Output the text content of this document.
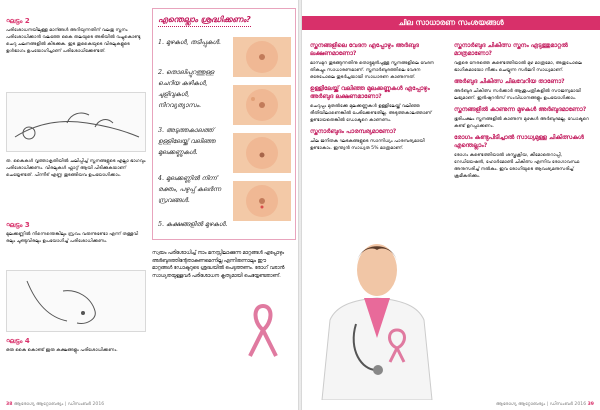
ഘട്ടം 2

പരിശോധനയിലുള്ള മാറ്ങ്ങൾ അറിയുന്നതിന് വലതു സ്തനം പരിശോധിക്കാൻ വലത്തേ കൈ തലയുടെ അടിയിൽ വച്ചുകൊണ്ടു ചെറു ചലനങ്ങളിൽ കിടക്കുക. ഇട തുകൈയുടെ വിരലുകളുടെ ഉൾഭാഗം ഉപയോഗിച്ചാണ് പരിശോധിക്കേണ്ടത്.

ത. കൈകൾ വൃത്താകൃതിയിൽ ചലിപ്പിച്ച് സ്തനങ്ങളുടെ എല്ലാ ഭാഗവും പരിശോധിക്കണം. വിരലുകൾ ഫ്ലാറ്റ് ആയി പിടിക്കുകയാണ് ചെയ്യേണ്ടത്. പിന്നീട് എണ്ണ തുടങ്ങിയവ ഉപയോഗിക്കാം.

ഘട്ടം 3

മുലക്കണ്ണിൽ നിന്നെന്തെങ്കിലും സ്രവം വരുന്നുണ്ടോ എന്ന് തള്ളവി രലും ചൂണ്ടുവിരലും ഉപയോഗിച്ച് പരിശോധിക്കണം.

ഘട്ടം 4

ഒരു കൈ കൊണ്ട് ഇരു കക്ഷങ്ങളും പരിശോധിക്കണം.

എന്തെല്ലാം ശ്രദ്ധിക്കണം?
1. മുഴകൾ, തടിപ്പുകൾ.
2. തൊലിപ്പുറത്തുള്ള ചെറിയ കുഴികൾ, ചുളിവുകൾ, നിറവ്യത്യാസം.
3. അടുത്തകാലത്ത് ഉള്ളിലേയ്ക്ക് വലിഞ്ഞ മുലക്കണ്ണുകൾ.
4. മുലക്കണ്ണിൽ നിന്ന് രക്തം, പഴുപ്പ് കലർന്ന സ്രവങ്ങൾ.
5. കക്ഷങ്ങളിൽ മുഴകൾ.
സ്വയം പരിശോധിച്ച് നാം മനസ്സിലാക്കുന്ന മാറ്റങ്ങൾ എപ്പോഴും അർബുദത്തിന്റേതാകണമെന്നില്ല എന്നിരുന്നാലും ഈ മാറ്റങ്ങൾ ഡോക്ടറുടെ ശ്രദ്ധയിൽ പെടുത്തണം. രോഗ് വരാൻ സാധ്യതയുള്ളവർ പരിശോധന കൃത്യമായി ചെയ്യേണ്ടതാണ്.
38 ആരോഗ്യ ആറ്റോബര്യം | ഡിസംബർ 2016
ചില സാധാരണ സംശയങ്ങൾ
സ്തനങ്ങളിലെ വേദന എപ്പോഴും അർബുദ ലക്ഷണമാണോ?

മാസമുറ തുടങ്ങുന്നതിനു തൊട്ടുമുൻപുള്ള സ്തനങ്ങളിലെ വേദന തികച്ചും സാധാരണമാണ്. സ്തനാർബുദത്തിലെ വേദന ഒരേപോലെ തുടർച്ചയായി സാധാരണ കാണുന്നത്.

ഉള്ളിലേയ്ക്ക് വലിഞ്ഞ മുലക്കണ്ണുകൾ എപ്പോഴും അർബുദ ലക്ഷണമാണോ?

ചെറുപ്പം മുതൽക്കേ മുലക്കണ്ണുകൾ ഉള്ളിലേയ്ക്ക് വലിഞ്ഞ രീതിയിലാണെങ്കിൽ പേടിക്കേണ്ടതില്ല. അടുത്തകാലത്താണ് ഉണ്ടായതെങ്കിൽ ഡോക്ടറെ കാണണം.

സ്തനാർബുദം പാരമ്പര്യമാണോ?

ചില ജനിതക ഘടകങ്ങളുടെ സാന്നിധ്യം പാരമ്പര്യമായി ഉണ്ടാകാം. ഇന്ത്യൻ സാധ്യത 5% മാത്രമാണ്.

സ്തനാർബുദ ചികിത്സ സ്തനം എടുത്തുമാറ്റൽ മാത്രമാണോ?

വളരെ നേരത്തെ കണ്ടെത്തിയാൽ മുഴ മാത്രമോ, അതുപോലെ ഭാഗികമായോ നീക്കം ചെയ്യുന്ന സർജറി സാധ്യമാണ്.

അർബുദ ചികിത്സ ചിലവേറിയ താണോ?

അർബുദ ചികിത്സ സർക്കാർ ആശുപത്രികളിൽ സൗജന്യമായി ലഭ്യമാണ്. ഇൻഷുറൻസ് സംവിധാനങ്ങളും ഉപയോഗിക്കാം.

സ്തനങ്ങളിൽ കാണുന്ന മുഴകൾ അർബുദമാണോ?

ഭൂരിപക്ഷം സ്തനങ്ങളിൽ കാണുന്ന മുഴകൾ അർബുദമല്ല. ഡോക്ടറെ കണ്ട് ഉറപ്പാക്കണം.

രോഗം കണ്ടുപിടിച്ചാൽ സാധ്യമുള്ള ചികിത്സകൾ എന്തെല്ലാം?

രോഗം കണ്ടെത്തിയാൽ ശസ്ത്രക്രിയ, കീമോതെറാപ്പി, റേഡിയേഷൻ, ഹോർമോൺ ചികിത്സ എന്നിവ രോഗാവസ്ഥ അനുസരിച്ച് നൽകും. ഇവ രോഗിയുടെ ആവശ്യമനുസരിച്ച് ക്രമീകരിക്കും.

ആരോഗ്യ ആറ്റോബര്യം | ഡിസംബർ 2016 39
